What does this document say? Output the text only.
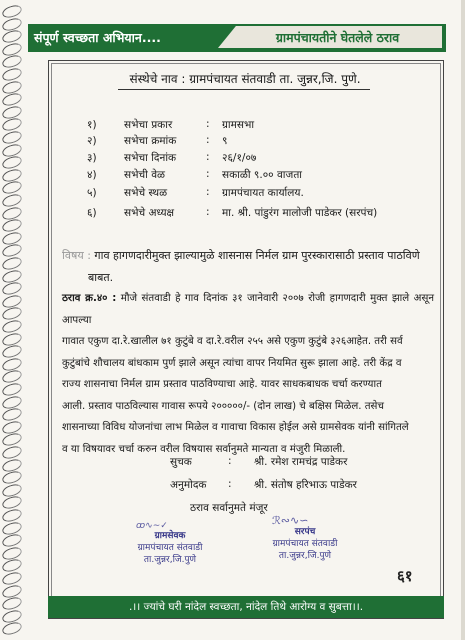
संपूर्ण स्वच्छता अभियान....	ग्रामपंचायतीने घेतलेले ठराव
संस्थेचे नाव : ग्रामपंचायत संतवाडी ता. जुन्नर,जि. पुणे.
१)	सभेचा प्रकार	: ग्रामसभा
२)	सभेचा क्रमांक	: ९
३)	सभेचा दिनांक	: २६/१/०७
४)	सभेची वेळ	: सकाळी ९.०० वाजता
५)	सभेचे स्थळ	: ग्रामपंचायत कार्यालय.
६)	सभेचे अध्यक्ष	: मा. श्री. पांडुरंग मालोजी पाडेकर (सरपंच)
विषय : गाव हागणदारीमुक्त झाल्यामुळे शासनास निर्मल ग्राम पुरस्कारासाठी प्रस्ताव पाठविणे
बाबत.
ठराव क्र.४० : मौजे संतवाडी हे गाव दिनांक ३१ जानेवारी २००७ रोजी हागणदारी मुक्त झाले असून आपल्या
गावात एकुण दा.रे.खालील ७१ कुटुंबे व दा.रे.वरील २५५ असे एकुण कुटुंबे ३२६आहेत. तरी सर्व
कुटुंबांचे शौचालय बांधकाम पुर्ण झाले असून त्यांचा वापर नियमित सुरू झाला आहे. तरी केंद्र व
राज्य शासनाचा निर्मल ग्राम प्रस्ताव पाठविण्याचा आहे. यावर साधकबाधक चर्चा करण्यात
आली. प्रस्ताव पाठविल्यास गावास रूपये २०००००/- (दोन लाख) चे बक्षिस मिळेल. तसेच
शासनाच्या विविध योजनांचा लाभ मिळेल व गावाचा विकास होईल असे ग्रामसेवक यांनी सांगितले
व या विषयावर चर्चा करुन वरील विषयास सर्वानुमते मान्यता व मंजुरी मिळाली.
सुचक	: श्री. रमेश रामचंद्र पाडेकर
अनुमोदक : श्री. संतोष हरिभाऊ पाडेकर
ठराव सर्वानुमते मंजूर
ꝏ∿∼✓
ग्रामसेवक
ग्रामपंचायत संतवाडी
ता.जुन्नर,जि.पुणे
ℛ∾∿∽
सरपंच
ग्रामपंचायत संतवाडी
ता.जुन्नर,जि.पुणे
६१
.।। ज्यांचे घरी नांदेल स्वच्छता, नांदेल तिथे आरोग्य व सुबत्ता।।.
